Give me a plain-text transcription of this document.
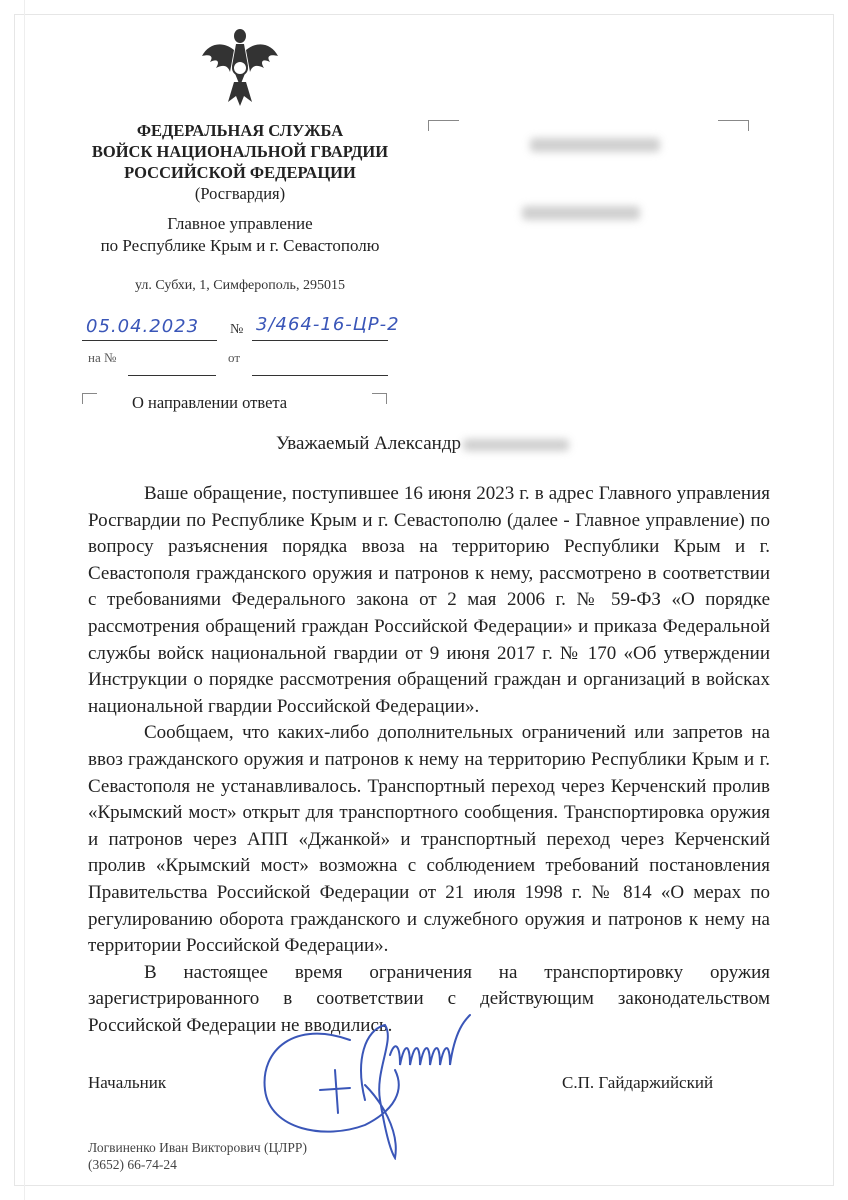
ФЕДЕРАЛЬНАЯ СЛУЖБА
ВОЙСК НАЦИОНАЛЬНОЙ ГВАРДИИ
РОССИЙСКОЙ ФЕДЕРАЦИИ
(Росгвардия)
Главное управление
по Республике Крым и г. Севастополю
ул. Субхи, 1, Симферополь, 295015
05.04.2023 № 3/464-16-ЦР-2
на №	от
О направлении ответа
Уважаемый Александр

Ваше обращение, поступившее 16 июня 2023 г. в адрес Главного управления Росгвардии по Республике Крым и г. Севастополю (далее - Главное управление) по вопросу разъяснения порядка ввоза на территорию Республики Крым и г. Севастополя гражданского оружия и патронов к нему, рассмотрено в соответствии с требованиями Федерального закона от 2 мая 2006 г. № 59-ФЗ «О порядке рассмотрения обращений граждан Российской Федерации» и приказа Федеральной службы войск национальной гвардии от 9 июня 2017 г. № 170 «Об утверждении Инструкции о порядке рассмотрения обращений граждан и организаций в войсках национальной гвардии Российской Федерации».

Сообщаем, что каких-либо дополнительных ограничений или запретов на ввоз гражданского оружия и патронов к нему на территорию Республики Крым и г. Севастополя не устанавливалось. Транспортный переход через Керченский пролив «Крымский мост» открыт для транспортного сообщения. Транспортировка оружия и патронов через АПП «Джанкой» и транспортный переход через Керченский пролив «Крымский мост» возможна с соблюдением требований постановления Правительства Российской Федерации от 21 июля 1998 г. № 814 «О мерах по регулированию оборота гражданского и служебного оружия и патронов к нему на территории Российской Федерации».

В настоящее время ограничения на транспортировку оружия зарегистрированного в соответствии с действующим законодательством Российской Федерации не вводились.

Начальник	С.П. Гайдаржийский
Логвиненко Иван Викторович (ЦЛРР)
(3652) 66-74-24
